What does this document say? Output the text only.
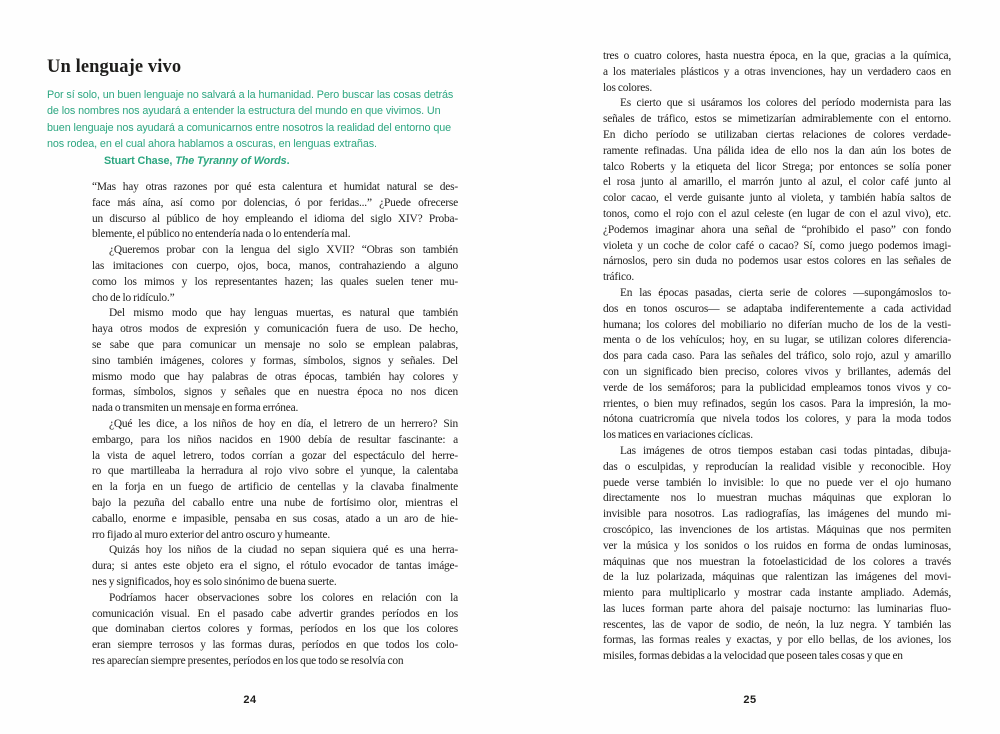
Un lenguaje vivo
Por sí solo, un buen lenguaje no salvará a la humanidad. Pero buscar las cosas detrás
de los nombres nos ayudará a entender la estructura del mundo en que vivimos. Un
buen lenguaje nos ayudará a comunicarnos entre nosotros la realidad del entorno que
nos rodea, en el cual ahora hablamos a oscuras, en lenguas extrañas.
Stuart Chase, The Tyranny of Words.
“Mas hay otras razones por qué esta calentura et humidat natural se des-
face más aína, así como por dolencias, ó por feridas...” ¿Puede ofrecerse
un discurso al público de hoy empleando el idioma del siglo XIV? Proba-
blemente, el público no entendería nada o lo entendería mal.
¿Queremos probar con la lengua del siglo XVII? “Obras son también
las imitaciones con cuerpo, ojos, boca, manos, contrahaziendo a alguno
como los mimos y los representantes hazen; las quales suelen tener mu-
cho de lo ridículo.”
Del mismo modo que hay lenguas muertas, es natural que también
haya otros modos de expresión y comunicación fuera de uso. De hecho,
se sabe que para comunicar un mensaje no solo se emplean palabras,
sino también imágenes, colores y formas, símbolos, signos y señales. Del
mismo modo que hay palabras de otras épocas, también hay colores y
formas, símbolos, signos y señales que en nuestra época no nos dicen
nada o transmiten un mensaje en forma errónea.
¿Qué les dice, a los niños de hoy en día, el letrero de un herrero? Sin
embargo, para los niños nacidos en 1900 debía de resultar fascinante: a
la vista de aquel letrero, todos corrían a gozar del espectáculo del herre-
ro que martilleaba la herradura al rojo vivo sobre el yunque, la calentaba
en la forja en un fuego de artificio de centellas y la clavaba finalmente
bajo la pezuña del caballo entre una nube de fortísimo olor, mientras el
caballo, enorme e impasible, pensaba en sus cosas, atado a un aro de hie-
rro fijado al muro exterior del antro oscuro y humeante.
Quizás hoy los niños de la ciudad no sepan siquiera qué es una herra-
dura; si antes este objeto era el signo, el rótulo evocador de tantas imáge-
nes y significados, hoy es solo sinónimo de buena suerte.
Podríamos hacer observaciones sobre los colores en relación con la
comunicación visual. En el pasado cabe advertir grandes períodos en los
que dominaban ciertos colores y formas, períodos en los que los colores
eran siempre terrosos y las formas duras, períodos en que todos los colo-
res aparecían siempre presentes, períodos en los que todo se resolvía con
24
tres o cuatro colores, hasta nuestra época, en la que, gracias a la química,
a los materiales plásticos y a otras invenciones, hay un verdadero caos en
los colores.
Es cierto que si usáramos los colores del período modernista para las
señales de tráfico, estos se mimetizarían admirablemente con el entorno.
En dicho período se utilizaban ciertas relaciones de colores verdade-
ramente refinadas. Una pálida idea de ello nos la dan aún los botes de
talco Roberts y la etiqueta del licor Strega; por entonces se solía poner
el rosa junto al amarillo, el marrón junto al azul, el color café junto al
color cacao, el verde guisante junto al violeta, y también había saltos de
tonos, como el rojo con el azul celeste (en lugar de con el azul vivo), etc.
¿Podemos imaginar ahora una señal de “prohibido el paso” con fondo
violeta y un coche de color café o cacao? Sí, como juego podemos imagi-
nárnoslos, pero sin duda no podemos usar estos colores en las señales de
tráfico.
En las épocas pasadas, cierta serie de colores —supongámoslos to-
dos en tonos oscuros— se adaptaba indiferentemente a cada actividad
humana; los colores del mobiliario no diferían mucho de los de la vesti-
menta o de los vehículos; hoy, en su lugar, se utilizan colores diferencia-
dos para cada caso. Para las señales del tráfico, solo rojo, azul y amarillo
con un significado bien preciso, colores vivos y brillantes, además del
verde de los semáforos; para la publicidad empleamos tonos vivos y co-
rrientes, o bien muy refinados, según los casos. Para la impresión, la mo-
nótona cuatricromía que nivela todos los colores, y para la moda todos
los matices en variaciones cíclicas.
Las imágenes de otros tiempos estaban casi todas pintadas, dibuja-
das o esculpidas, y reproducían la realidad visible y reconocible. Hoy
puede verse también lo invisible: lo que no puede ver el ojo humano
directamente nos lo muestran muchas máquinas que exploran lo
invisible para nosotros. Las radiografías, las imágenes del mundo mi-
croscópico, las invenciones de los artistas. Máquinas que nos permiten
ver la música y los sonidos o los ruidos en forma de ondas luminosas,
máquinas que nos muestran la fotoelasticidad de los colores a través
de la luz polarizada, máquinas que ralentizan las imágenes del movi-
miento para multiplicarlo y mostrar cada instante ampliado. Además,
las luces forman parte ahora del paisaje nocturno: las luminarias fluo-
rescentes, las de vapor de sodio, de neón, la luz negra. Y también las
formas, las formas reales y exactas, y por ello bellas, de los aviones, los
misiles, formas debidas a la velocidad que poseen tales cosas y que en
25
